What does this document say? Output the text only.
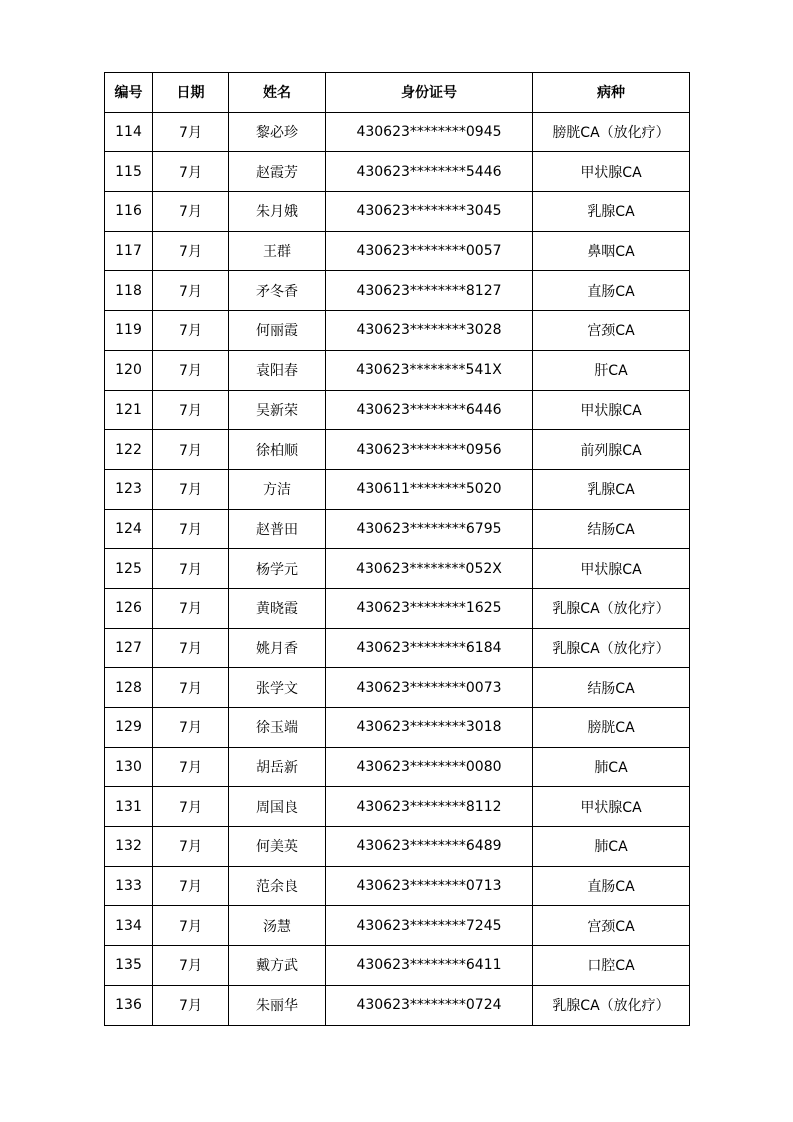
编号	日期	姓名	身份证号	病种
114	7月	黎必珍	430623********0945	膀胱CA（放化疗）
115	7月	赵霞芳	430623********5446	甲状腺CA
116	7月	朱月娥	430623********3045	乳腺CA
117	7月	王群	430623********0057	鼻咽CA
118	7月	矛冬香	430623********8127	直肠CA
119	7月	何丽霞	430623********3028	宫颈CA
120	7月	袁阳春	430623********541X	肝CA
121	7月	吴新荣	430623********6446	甲状腺CA
122	7月	徐柏顺	430623********0956	前列腺CA
123	7月	方洁	430611********5020	乳腺CA
124	7月	赵普田	430623********6795	结肠CA
125	7月	杨学元	430623********052X	甲状腺CA
126	7月	黄晓霞	430623********1625	乳腺CA（放化疗）
127	7月	姚月香	430623********6184	乳腺CA（放化疗）
128	7月	张学文	430623********0073	结肠CA
129	7月	徐玉端	430623********3018	膀胱CA
130	7月	胡岳新	430623********0080	肺CA
131	7月	周国良	430623********8112	甲状腺CA
132	7月	何美英	430623********6489	肺CA
133	7月	范余良	430623********0713	直肠CA
134	7月	汤慧	430623********7245	宫颈CA
135	7月	戴方武	430623********6411	口腔CA
136	7月	朱丽华	430623********0724	乳腺CA（放化疗）
